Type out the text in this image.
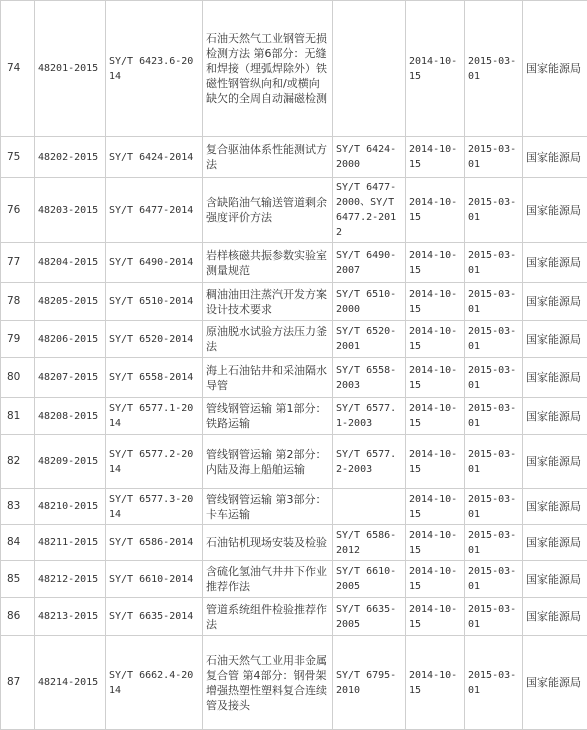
74	48201-2015	SY/T 6423.6-2014	石油天然气工业钢管无损检测方法 第6部分：无缝和焊接（埋弧焊除外）铁磁性钢管纵向和/或横向缺欠的全周自动漏磁检测		2014-10-15	2015-03-01	国家能源局

75	48202-2015	SY/T 6424-2014	复合驱油体系性能测试方法	SY/T 6424-2000	2014-10-15	2015-03-01	国家能源局

76	48203-2015	SY/T 6477-2014	含缺陷油气输送管道剩余强度评价方法	SY/T 6477-2000、SY/T 6477.2-2012	2014-10-15	2015-03-01	国家能源局

77	48204-2015	SY/T 6490-2014	岩样核磁共振参数实验室测量规范	SY/T 6490-2007	2014-10-15	2015-03-01	国家能源局

78	48205-2015	SY/T 6510-2014	稠油油田注蒸汽开发方案设计技术要求	SY/T 6510-2000	2014-10-15	2015-03-01	国家能源局

79	48206-2015	SY/T 6520-2014	原油脱水试验方法压力釜法	SY/T 6520-2001	2014-10-15	2015-03-01	国家能源局

80	48207-2015	SY/T 6558-2014	海上石油钻井和采油隔水导管	SY/T 6558-2003	2014-10-15	2015-03-01	国家能源局

81	48208-2015	SY/T 6577.1-2014	管线钢管运输 第1部分：铁路运输	SY/T 6577.1-2003	2014-10-15	2015-03-01	国家能源局

82	48209-2015	SY/T 6577.2-2014	管线钢管运输 第2部分：内陆及海上船舶运输	SY/T 6577.2-2003	2014-10-15	2015-03-01	国家能源局

83	48210-2015	SY/T 6577.3-2014	管线钢管运输 第3部分：卡车运输		2014-10-15	2015-03-01	国家能源局

84	48211-2015	SY/T 6586-2014	石油钻机现场安装及检验	SY/T 6586-2012	2014-10-15	2015-03-01	国家能源局

85	48212-2015	SY/T 6610-2014	含硫化氢油气井井下作业推荐作法	SY/T 6610-2005	2014-10-15	2015-03-01	国家能源局

86	48213-2015	SY/T 6635-2014	管道系统组件检验推荐作法	SY/T 6635-2005	2014-10-15	2015-03-01	国家能源局

87	48214-2015	SY/T 6662.4-2014	石油天然气工业用非金属复合管 第4部分：钢骨架增强热塑性塑料复合连续管及接头	SY/T 6795-2010	2014-10-15	2015-03-01	国家能源局
